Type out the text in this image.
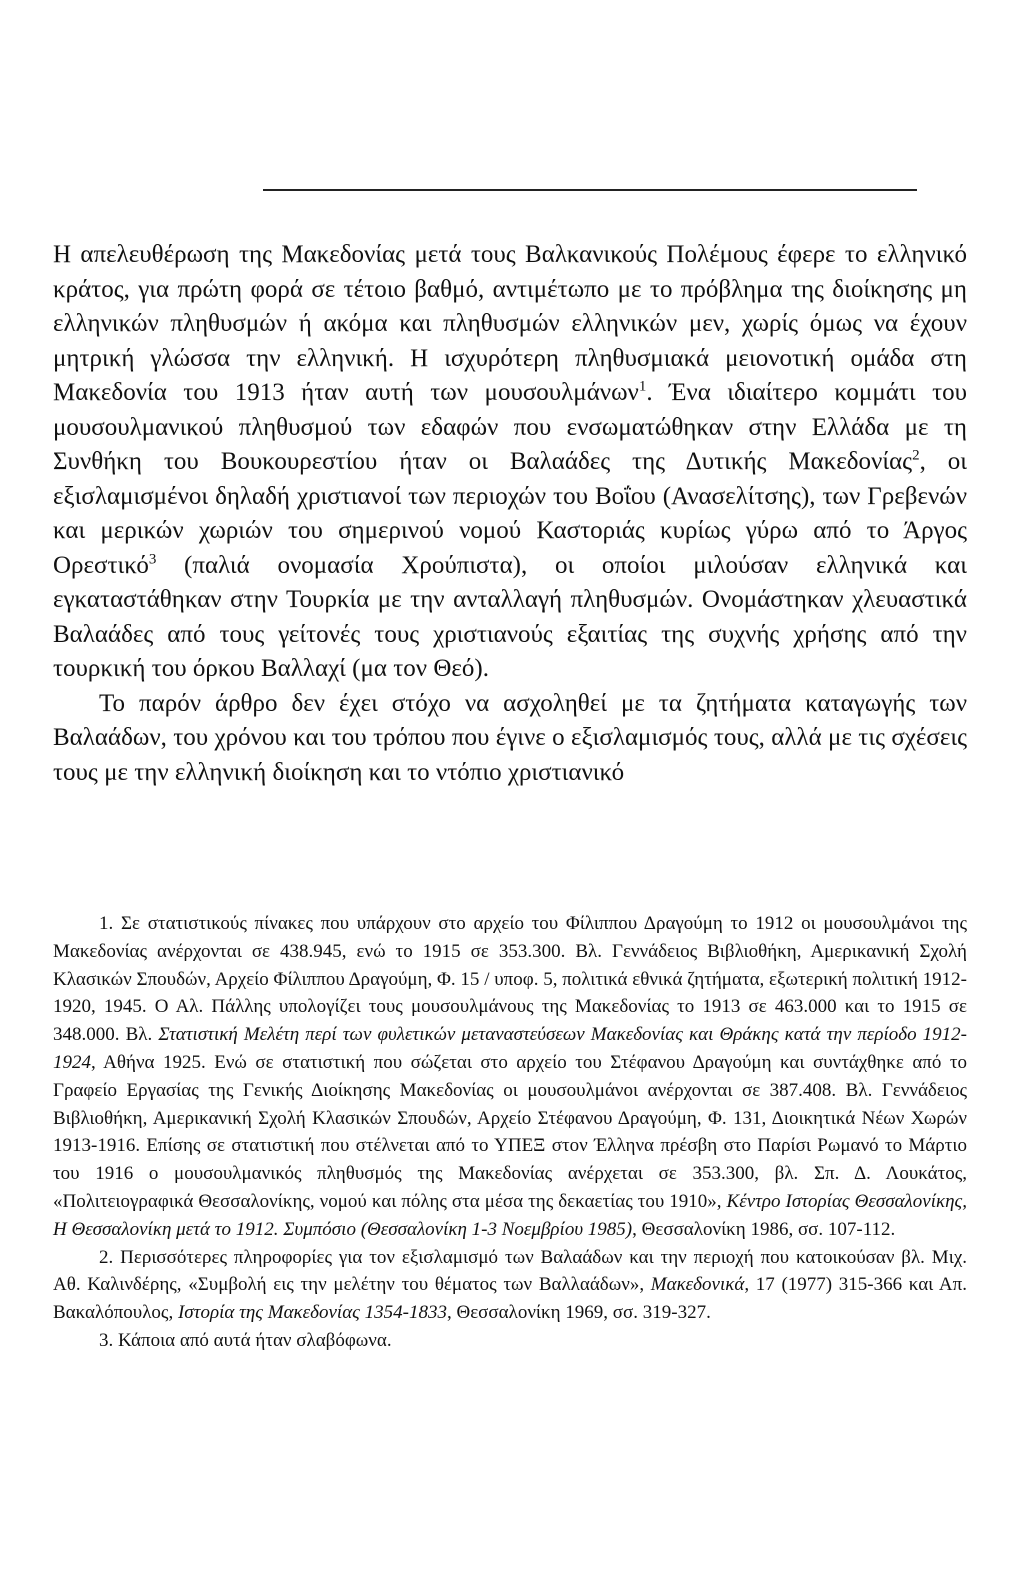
Η απελευθέρωση της Μακεδονίας μετά τους Βαλκανικούς Πολέμους έφερε το ελληνικό κράτος, για πρώτη φορά σε τέτοιο βαθμό, αντιμέτωπο με το πρόβλημα της διοίκησης μη ελληνικών πληθυσμών ή ακόμα και πληθυσμών ελληνικών μεν, χωρίς όμως να έχουν μητρική γλώσσα την ελληνική. Η ισχυρότερη πληθυσμιακά μειονοτική ομάδα στη Μακεδονία του 1913 ήταν αυτή των μουσουλμάνων$^1$. Ένα ιδιαίτερο κομμάτι του μουσουλμανικού πληθυσμού των εδαφών που ενσωματώθηκαν στην Ελλάδα με τη Συνθήκη του Βουκουρεστίου ήταν οι Βαλαάδες της Δυτικής Μακεδονίας$^2$, οι εξισλαμισμένοι δηλαδή χριστιανοί των περιοχών του Βοΐου (Ανασελίτσης), των Γρεβενών και μερικών χωριών του σημερινού νομού Καστοριάς κυρίως γύρω από το Άργος Ορεστικό$^3$ (παλιά ονομασία Χρούπιστα), οι οποίοι μιλούσαν ελληνικά και εγκαταστάθηκαν στην Τουρκία με την ανταλλαγή πληθυσμών. Ονομάστηκαν χλευαστικά Βαλαάδες από τους γείτονές τους χριστιανούς εξαιτίας της συχνής χρήσης από την τουρκική του όρκου Βαλλαχί (μα τον Θεό).

Το παρόν άρθρο δεν έχει στόχο να ασχοληθεί με τα ζητήματα καταγωγής των Βαλαάδων, του χρόνου και του τρόπου που έγινε ο εξισλαμισμός τους, αλλά με τις σχέσεις τους με την ελληνική διοίκηση και το ντόπιο χριστιανικό

1. Σε στατιστικούς πίνακες που υπάρχουν στο αρχείο του Φίλιππου Δραγούμη το 1912 οι μουσουλμάνοι της Μακεδονίας ανέρχονται σε 438.945, ενώ το 1915 σε 353.300. Βλ. Γεννάδειος Βιβλιοθήκη, Αμερικανική Σχολή Κλασικών Σπουδών, Αρχείο Φίλιππου Δραγούμη, Φ. 15 / υποφ. 5, πολιτικά εθνικά ζητήματα, εξωτερική πολιτική 1912-1920, 1945. Ο Αλ. Πάλλης υπολογίζει τους μουσουλμάνους της Μακεδονίας το 1913 σε 463.000 και το 1915 σε 348.000. Βλ. Στατιστική Μελέτη περί των φυλετικών μεταναστεύσεων Μακεδονίας και Θράκης κατά την περίοδο 1912-1924, Αθήνα 1925. Ενώ σε στατιστική που σώζεται στο αρχείο του Στέφανου Δραγούμη και συντάχθηκε από το Γραφείο Εργασίας της Γενικής Διοίκησης Μακεδονίας οι μουσουλμάνοι ανέρχονται σε 387.408. Βλ. Γεννάδειος Βιβλιοθήκη, Αμερικανική Σχολή Κλασικών Σπουδών, Αρχείο Στέφανου Δραγούμη, Φ. 131, Διοικητικά Νέων Χωρών 1913-1916. Επίσης σε στατιστική που στέλνεται από το ΥΠΕΞ στον Έλληνα πρέσβη στο Παρίσι Ρωμανό το Μάρτιο του 1916 ο μουσουλμανικός πληθυσμός της Μακεδονίας ανέρχεται σε 353.300, βλ. Σπ. Δ. Λουκάτος, «Πολιτειογραφικά Θεσσαλονίκης, νομού και πόλης στα μέσα της δεκαετίας του 1910», Κέντρο Ιστορίας Θεσσαλονίκης, Η Θεσσαλονίκη μετά το 1912. Συμπόσιο (Θεσσαλονίκη 1-3 Νοεμβρίου 1985), Θεσσαλονίκη 1986, σσ. 107-112.

2. Περισσότερες πληροφορίες για τον εξισλαμισμό των Βαλαάδων και την περιοχή που κατοικούσαν βλ. Μιχ. Αθ. Καλινδέρης, «Συμβολή εις την μελέτην του θέματος των Βαλλαάδων», Μακεδονικά, 17 (1977) 315-366 και Απ. Βακαλόπουλος, Ιστορία της Μακεδονίας 1354-1833, Θεσσαλονίκη 1969, σσ. 319-327.

3. Κάποια από αυτά ήταν σλαβόφωνα.
